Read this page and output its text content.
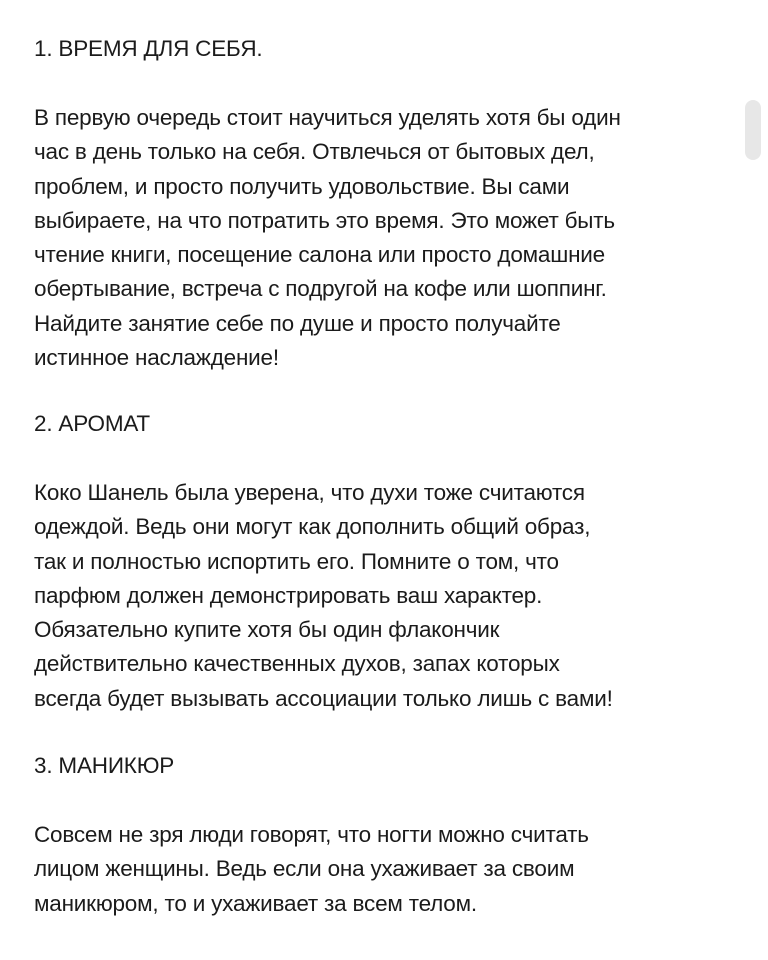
1. ВРЕМЯ ДЛЯ СЕБЯ.
В первую очередь стоит научиться уделять хотя бы один
час в день только на себя. Отвлечься от бытовых дел,
проблем, и просто получить удовольствие. Вы сами
выбираете, на что потратить это время. Это может быть
чтение книги, посещение салона или просто домашние
обертывание, встреча с подругой на кофе или шоппинг.
Найдите занятие себе по душе и просто получайте
истинное наслаждение!
2. АРОМАТ
Коко Шанель была уверена, что духи тоже считаются
одеждой. Ведь они могут как дополнить общий образ,
так и полностью испортить его. Помните о том, что
парфюм должен демонстрировать ваш характер.
Обязательно купите хотя бы один флакончик
действительно качественных духов, запах которых
всегда будет вызывать ассоциации только лишь с вами!
3. МАНИКЮР
Совсем не зря люди говорят, что ногти можно считать
лицом женщины. Ведь если она ухаживает за своим
маникюром, то и ухаживает за всем телом.
